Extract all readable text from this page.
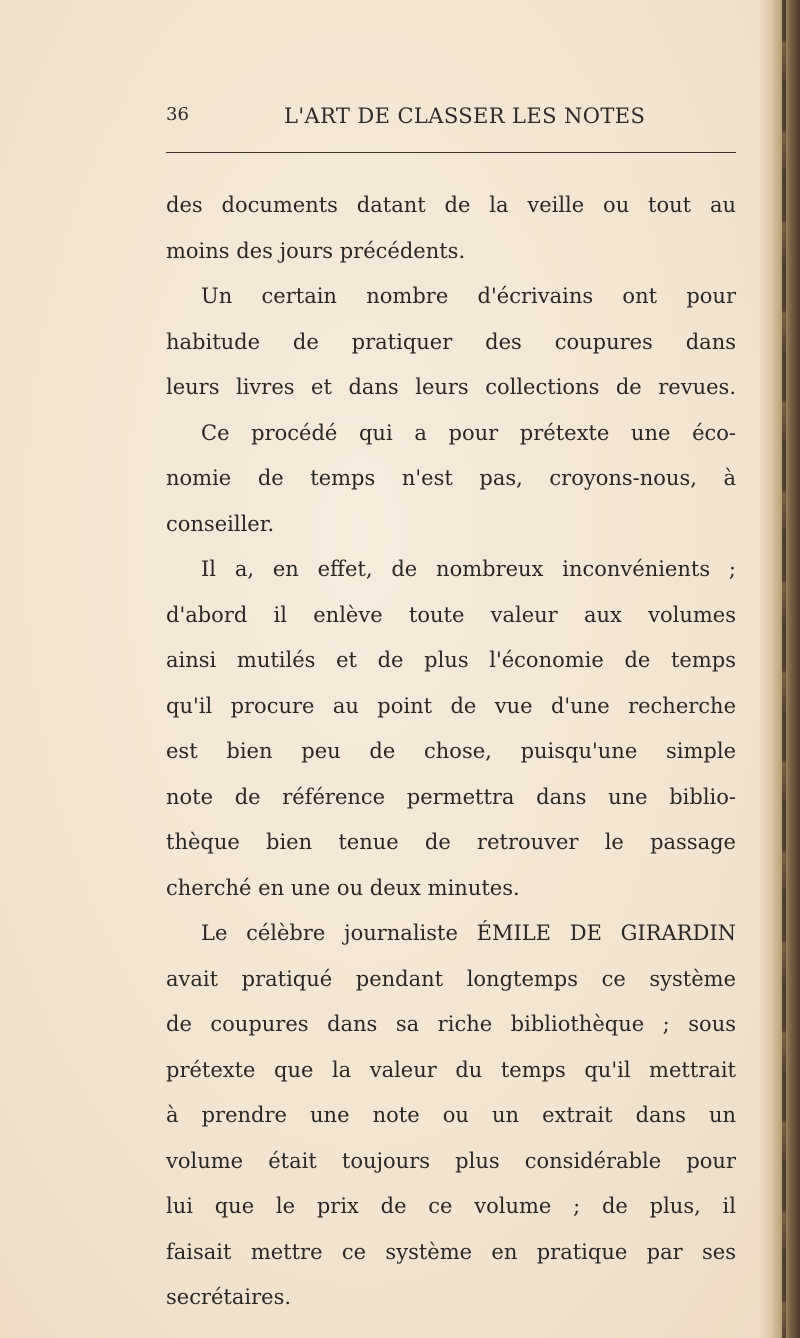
36	L'ART DE CLASSER LES NOTES
des documents datant de la veille ou tout au
moins des jours précédents.
Un certain nombre d'écrivains ont pour
habitude de pratiquer des coupures dans
leurs livres et dans leurs collections de revues.
Ce procédé qui a pour prétexte une éco-
nomie de temps n'est pas, croyons-nous, à
conseiller.
Il a, en effet, de nombreux inconvénients ;
d'abord il enlève toute valeur aux volumes
ainsi mutilés et de plus l'économie de temps
qu'il procure au point de vue d'une recherche
est bien peu de chose, puisqu'une simple
note de référence permettra dans une biblio-
thèque bien tenue de retrouver le passage
cherché en une ou deux minutes.
Le célèbre journaliste ÉMILE DE GIRARDIN
avait pratiqué pendant longtemps ce système
de coupures dans sa riche bibliothèque ; sous
prétexte que la valeur du temps qu'il mettrait
à prendre une note ou un extrait dans un
volume était toujours plus considérable pour
lui que le prix de ce volume ; de plus, il
faisait mettre ce système en pratique par ses
secrétaires.
